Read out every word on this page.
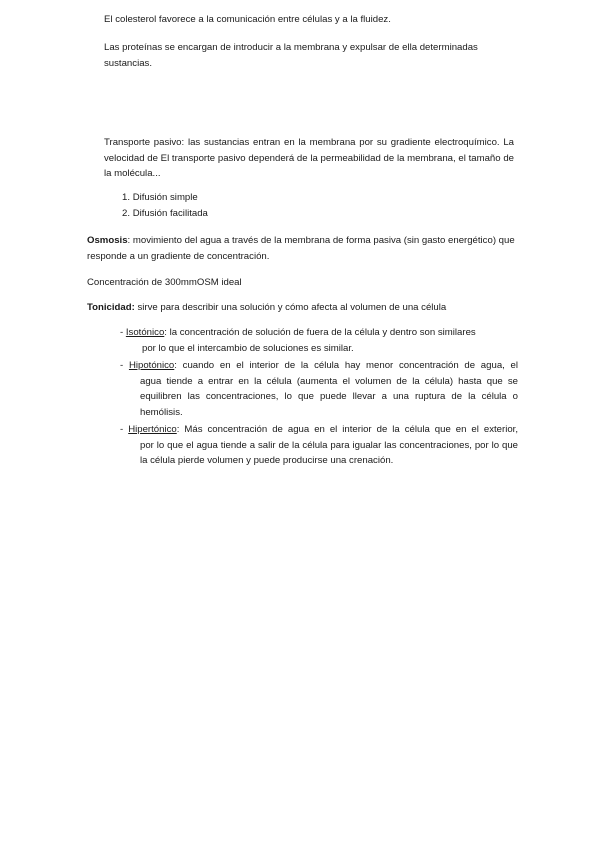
El colesterol favorece a la comunicación entre células y a la fluidez.
Las proteínas se encargan de introducir a la membrana y expulsar de ella determinadas sustancias.
Transporte pasivo: las sustancias entran en la membrana por su gradiente electroquímico. La velocidad de El transporte pasivo dependerá de la permeabilidad de la membrana, el tamaño de la molécula...
1. Difusión simple
2. Difusión facilitada
Osmosis: movimiento del agua a través de la membrana de forma pasiva (sin gasto energético) que responde a un gradiente de concentración.
Concentración de 300mmOSM ideal
Tonicidad: sirve para describir una solución y cómo afecta al volumen de una célula
- Isotónico: la concentración de solución de fuera de la célula y dentro son similares
por lo que el intercambio de soluciones es similar.
- Hipotónico: cuando en el interior de la célula hay menor concentración de agua, el
agua tiende a entrar en la célula (aumenta el volumen de la célula) hasta que se equilibren las concentraciones, lo que puede llevar a una ruptura de la célula o hemólisis.
- Hipertónico: Más concentración de agua en el interior de la célula que en el exterior,
por lo que el agua tiende a salir de la célula para igualar las concentraciones, por lo que la célula pierde volumen y puede producirse una crenación.
